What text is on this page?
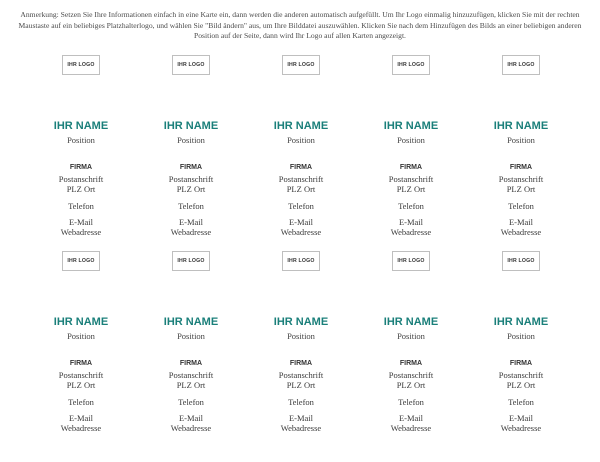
Anmerkung: Setzen Sie Ihre Informationen einfach in eine Karte ein, dann werden die anderen automatisch aufgefüllt. Um Ihr Logo einmalig hinzuzufügen, klicken Sie mit der rechten Maustaste auf ein beliebiges Platzhalterlogo, und wählen Sie "Bild ändern" aus, um Ihre Bilddatei auszuwählen. Klicken Sie nach dem Hinzufügen des Bilds an einer beliebigen anderen Position auf der Seite, dann wird Ihr Logo auf allen Karten angezeigt.
IHR LOGO
IHR NAME
Position
FIRMA
Postanschrift
PLZ Ort
Telefon
E-Mail
Webadresse
IHR LOGO
IHR NAME
Position
FIRMA
Postanschrift
PLZ Ort
Telefon
E-Mail
Webadresse
IHR LOGO
IHR NAME
Position
FIRMA
Postanschrift
PLZ Ort
Telefon
E-Mail
Webadresse
IHR LOGO
IHR NAME
Position
FIRMA
Postanschrift
PLZ Ort
Telefon
E-Mail
Webadresse
IHR LOGO
IHR NAME
Position
FIRMA
Postanschrift
PLZ Ort
Telefon
E-Mail
Webadresse
IHR LOGO
IHR NAME
Position
FIRMA
Postanschrift
PLZ Ort
Telefon
E-Mail
Webadresse
IHR LOGO
IHR NAME
Position
FIRMA
Postanschrift
PLZ Ort
Telefon
E-Mail
Webadresse
IHR LOGO
IHR NAME
Position
FIRMA
Postanschrift
PLZ Ort
Telefon
E-Mail
Webadresse
IHR LOGO
IHR NAME
Position
FIRMA
Postanschrift
PLZ Ort
Telefon
E-Mail
Webadresse
IHR LOGO
IHR NAME
Position
FIRMA
Postanschrift
PLZ Ort
Telefon
E-Mail
Webadresse
